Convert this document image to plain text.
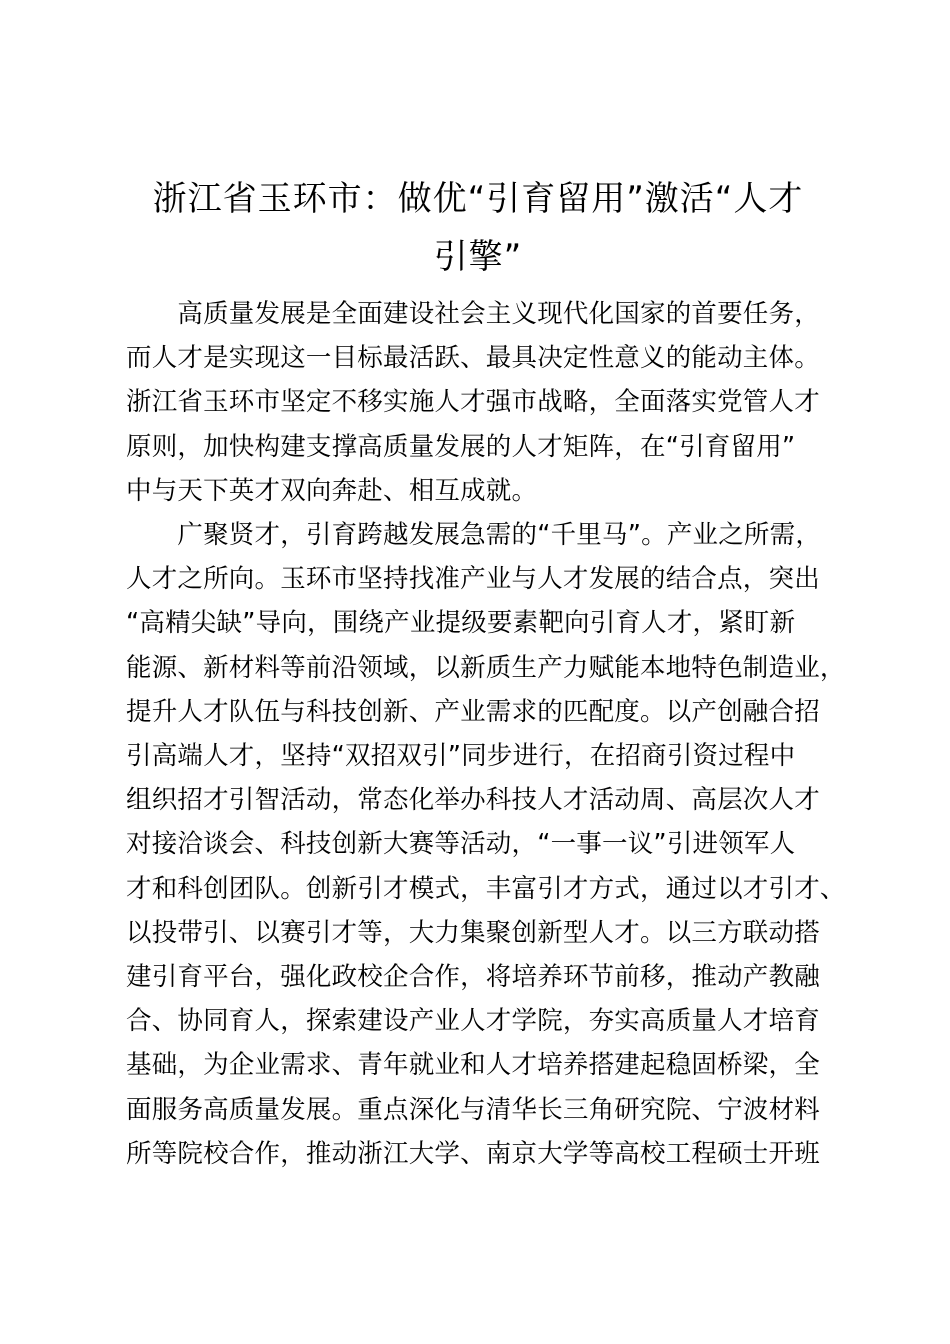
浙江省玉环市：做优“引育留用”激活“人才
引擎”

　　高质量发展是全面建设社会主义现代化国家的首要任务，
而人才是实现这一目标最活跃、最具决定性意义的能动主体。
浙江省玉环市坚定不移实施人才强市战略，全面落实党管人才
原则，加快构建支撑高质量发展的人才矩阵，在“引育留用”
中与天下英才双向奔赴、相互成就。

　　广聚贤才，引育跨越发展急需的“千里马”。产业之所需，
人才之所向。玉环市坚持找准产业与人才发展的结合点，突出
“高精尖缺”导向，围绕产业提级要素靶向引育人才，紧盯新
能源、新材料等前沿领域，以新质生产力赋能本地特色制造业，
提升人才队伍与科技创新、产业需求的匹配度。以产创融合招
引高端人才，坚持“双招双引”同步进行，在招商引资过程中
组织招才引智活动，常态化举办科技人才活动周、高层次人才
对接洽谈会、科技创新大赛等活动，“一事一议”引进领军人
才和科创团队。创新引才模式，丰富引才方式，通过以才引才、
以投带引、以赛引才等，大力集聚创新型人才。以三方联动搭
建引育平台，强化政校企合作，将培养环节前移，推动产教融
合、协同育人，探索建设产业人才学院，夯实高质量人才培育
基础，为企业需求、青年就业和人才培养搭建起稳固桥梁，全
面服务高质量发展。重点深化与清华长三角研究院、宁波材料
所等院校合作，推动浙江大学、南京大学等高校工程硕士开班
